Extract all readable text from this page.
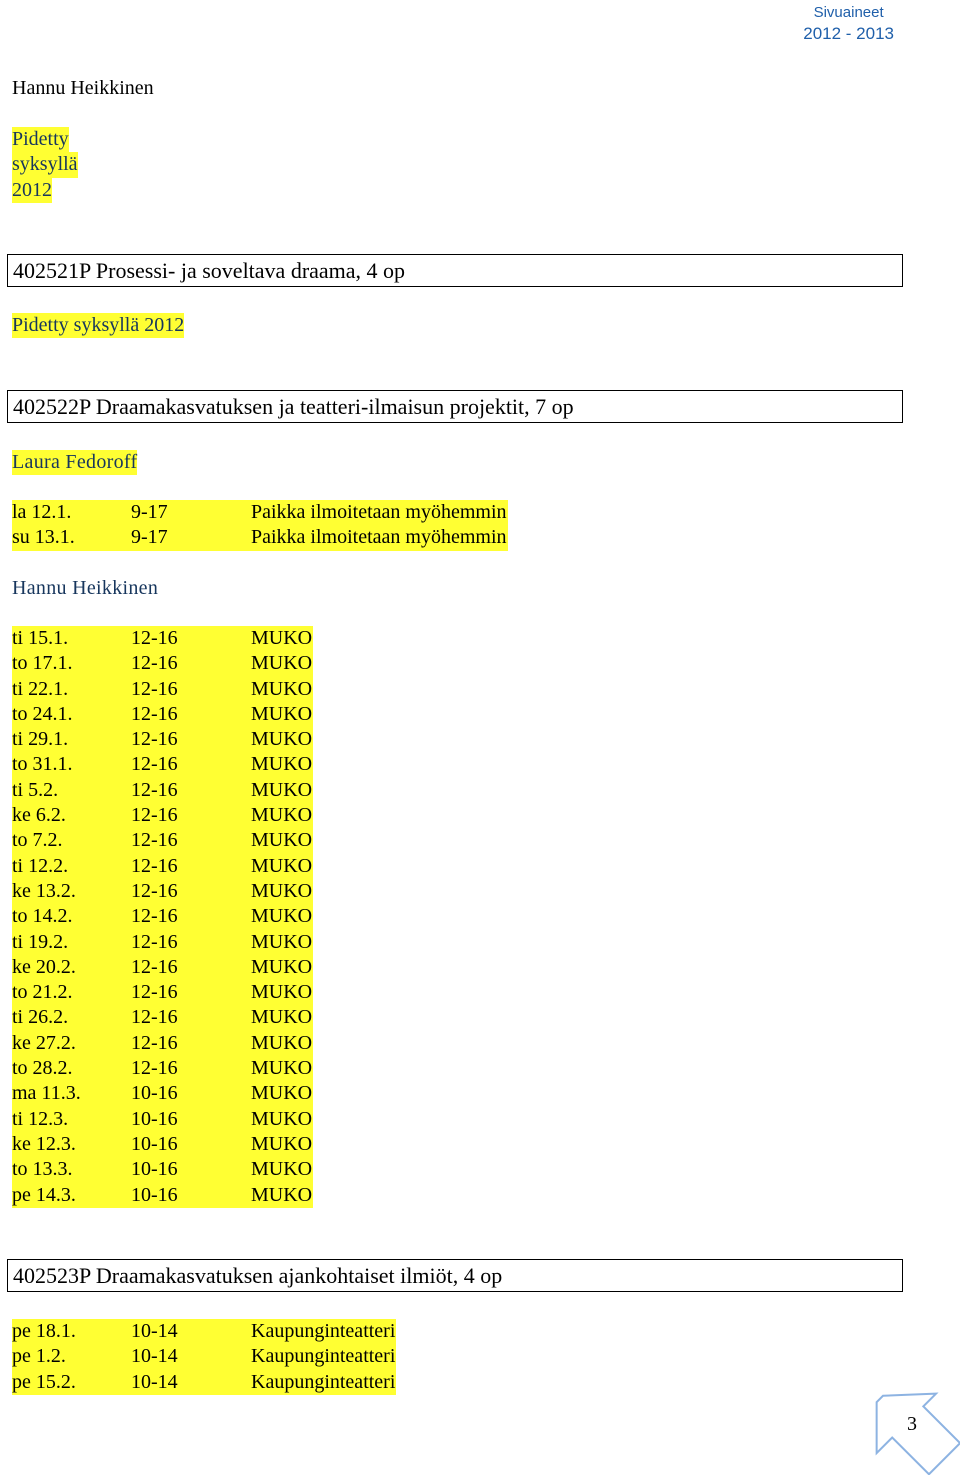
Sivuaineet
2012 - 2013
Hannu Heikkinen
Pidetty
syksyllä
2012
402521P Prosessi- ja soveltava draama, 4 op
Pidetty syksyllä 2012
402522P Draamakasvatuksen ja teatteri-ilmaisun projektit, 7 op
Laura Fedoroff
la 12.1.	9-17	Paikka ilmoitetaan myöhemmin
su 13.1.	9-17	Paikka ilmoitetaan myöhemmin
Hannu Heikkinen
ti 15.1.	12-16	MUKO
to 17.1.	12-16	MUKO
ti 22.1.	12-16	MUKO
to 24.1.	12-16	MUKO
ti 29.1.	12-16	MUKO
to 31.1.	12-16	MUKO
ti 5.2.	12-16	MUKO
ke 6.2.	12-16	MUKO
to 7.2.	12-16	MUKO
ti 12.2.	12-16	MUKO
ke 13.2.	12-16	MUKO
to 14.2.	12-16	MUKO
ti 19.2.	12-16	MUKO
ke 20.2.	12-16	MUKO
to 21.2.	12-16	MUKO
ti 26.2.	12-16	MUKO
ke 27.2.	12-16	MUKO
to 28.2.	12-16	MUKO
ma 11.3.	10-16	MUKO
ti 12.3.	10-16	MUKO
ke 12.3.	10-16	MUKO
to 13.3.	10-16	MUKO
pe 14.3.	10-16	MUKO
402523P Draamakasvatuksen ajankohtaiset ilmiöt, 4 op
pe 18.1.	10-14	Kaupunginteatteri
pe 1.2.	10-14	Kaupunginteatteri
pe 15.2.	10-14	Kaupunginteatteri
3
